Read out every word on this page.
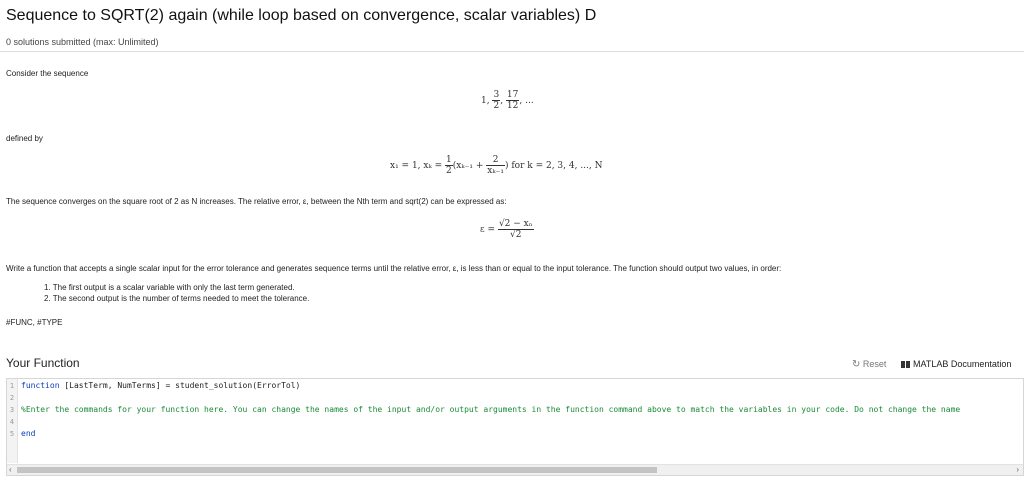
Sequence to SQRT(2) again (while loop based on convergence, scalar variables) D
0 solutions submitted (max: Unlimited)
Consider the sequence
1, $\frac{3}{2}$ , $\frac{17}{12}$ , ...
defined by
x₁ = 1, $x_k = \frac{1}{2} (x_{k-1} + \frac{2}{\text{xₖ₋₁}}$ ) for k = 2, 3, 4, ..., N
The sequence converges on the square root of 2 as N increases. The relative error, ε, between the Nth term and sqrt(2) can be expressed as:
$\varepsilon = \frac{\text{√2 − xₙ}}{√2}$
Write a function that accepts a single scalar input for the error tolerance and generates sequence terms until the relative error, ε, is less than or equal to the input tolerance. The function should output two values, in order:
1. The first output is a scalar variable with only the last term generated.
2. The second output is the number of terms needed to meet the tolerance.
#FUNC, #TYPE
Your Function	↻ Reset	MATLAB Documentation
1 function [LastTerm, NumTerms] = student_solution(ErrorTol)
2
3 %Enter the commands for your function here. You can change the names of the input and/or output arguments in the function command above to match the variables in your code. Do not change the name
4
5 end
‹	›
